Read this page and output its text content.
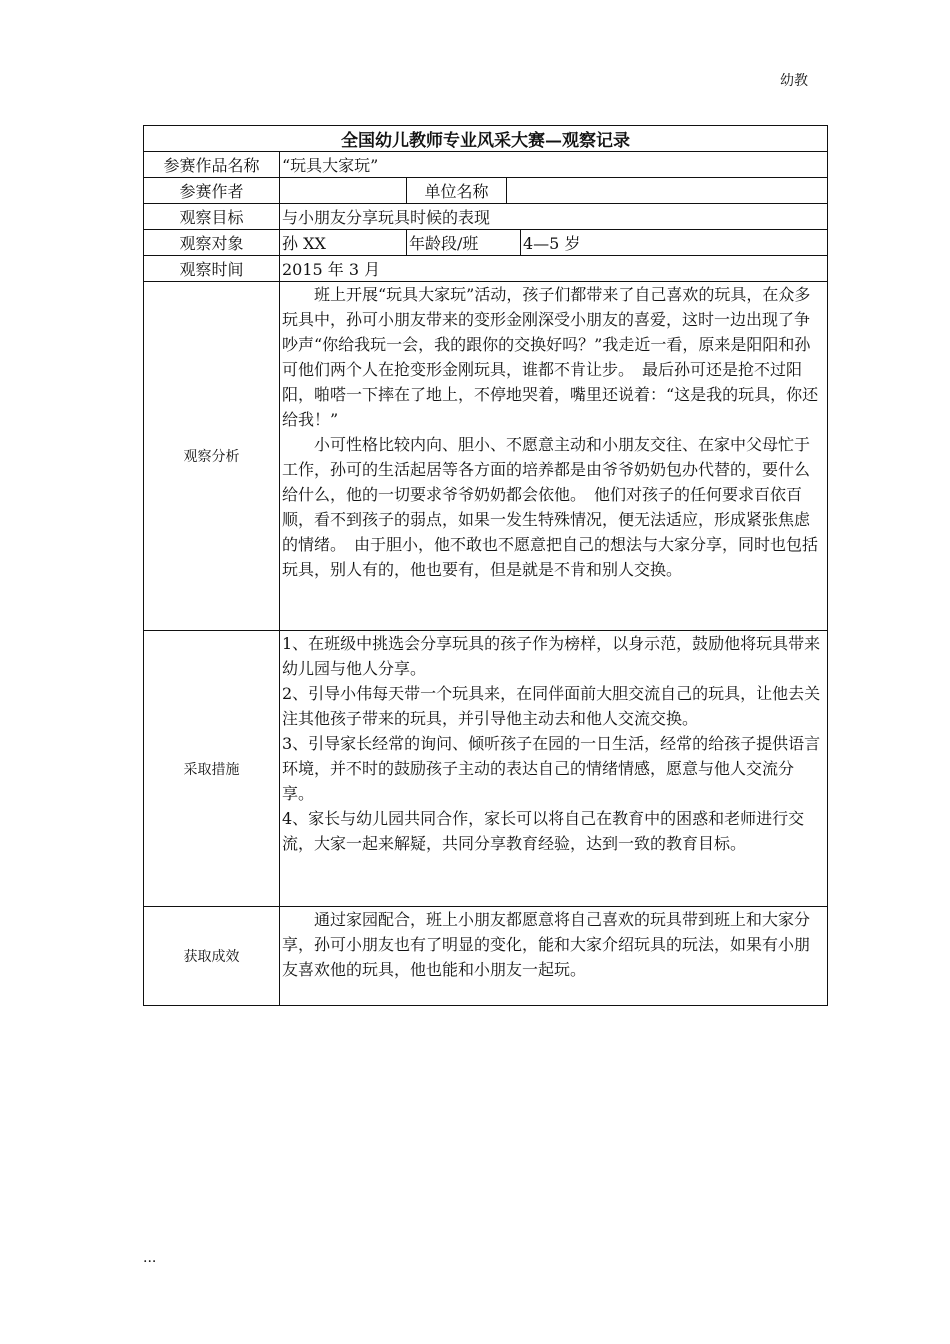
幼教
全国幼儿教师专业风采大赛—观察记录				
参赛作品名称	“玩具大家玩”			
参赛作者		单位名称		
观察目标	与小朋友分享玩具时候的表现			
观察对象	孙 XX	年龄段/班		4—5 岁
观察时间	2015 年 3 月			
观察分析	班上开展“玩具大家玩”活动，孩子们都带来了自己喜欢的玩具，在众多玩具中，孙可小朋友带来的变形金刚深受小朋友的喜爱，这时一边出现了争吵声“你给我玩一会，我的跟你的交换好吗？”我走近一看，原来是阳阳和孙可他们两个人在抢变形金刚玩具，谁都不肯让步。　最后孙可还是抢不过阳阳，啪嗒一下摔在了地上，不停地哭着，嘴里还说着：“这是我的玩具，你还给我！”

小可性格比较内向、胆小、不愿意主动和小朋友交往、在家中父母忙于工作，孙可的生活起居等各方面的培养都是由爷爷奶奶包办代替的，要什么给什么，他的一切要求爷爷奶奶都会依他。　他们对孩子的任何要求百依百顺，看不到孩子的弱点，如果一发生特殊情况，便无法适应，形成紧张焦虑的情绪。　由于胆小，他不敢也不愿意把自己的想法与大家分享，同时也包括玩具，别人有的，他也要有，但是就是不肯和别人交换。			

采取措施	1、在班级中挑选会分享玩具的孩子作为榜样，以身示范，鼓励他将玩具带来幼儿园与他人分享。

2、引导小伟每天带一个玩具来，在同伴面前大胆交流自己的玩具，让他去关注其他孩子带来的玩具，并引导他主动去和他人交流交换。

3、引导家长经常的询问、倾听孩子在园的一日生活，经常的给孩子提供语言环境，并不时的鼓励孩子主动的表达自己的情绪情感，愿意与他人交流分享。

4、家长与幼儿园共同合作，家长可以将自己在教育中的困惑和老师进行交流，大家一起来解疑，共同分享教育经验，达到一致的教育目标。			

获取成效	通过家园配合，班上小朋友都愿意将自己喜欢的玩具带到班上和大家分享，孙可小朋友也有了明显的变化，能和大家介绍玩具的玩法，如果有小朋友喜欢他的玩具，他也能和小朋友一起玩。			

...
